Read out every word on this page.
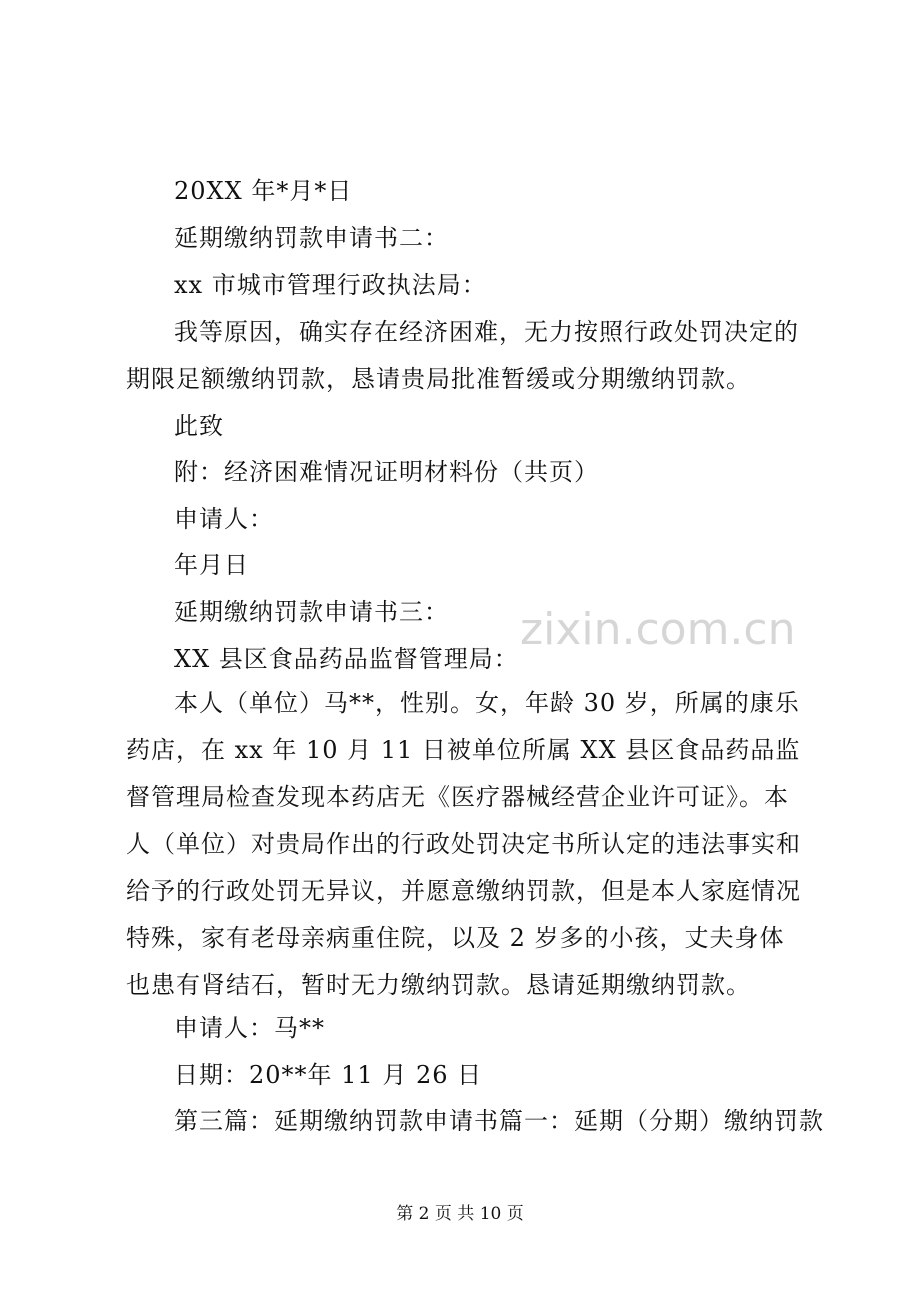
20XX 年*月*日
延期缴纳罚款申请书二：
xx 市城市管理行政执法局：
我等原因，确实存在经济困难，无力按照行政处罚决定的期限足额缴纳罚款，恳请贵局批准暂缓或分期缴纳罚款。
此致
附：经济困难情况证明材料份（共页）
申请人：
年月日
延期缴纳罚款申请书三：
XX 县区食品药品监督管理局：
本人（单位）马**，性别。女，年龄 30 岁，所属的康乐药店，在 xx 年 10 月 11 日被单位所属 XX 县区食品药品监督管理局检查发现本药店无《医疗器械经营企业许可证》。本人（单位）对贵局作出的行政处罚决定书所认定的违法事实和给予的行政处罚无异议，并愿意缴纳罚款，但是本人家庭情况特殊，家有老母亲病重住院，以及 2 岁多的小孩，丈夫身体也患有肾结石，暂时无力缴纳罚款。恳请延期缴纳罚款。
申请人：马**
日期：20**年 11 月 26 日
第三篇：延期缴纳罚款申请书篇一：延期（分期）缴纳罚款
zixin.com.cn
第 2 页 共 10 页
